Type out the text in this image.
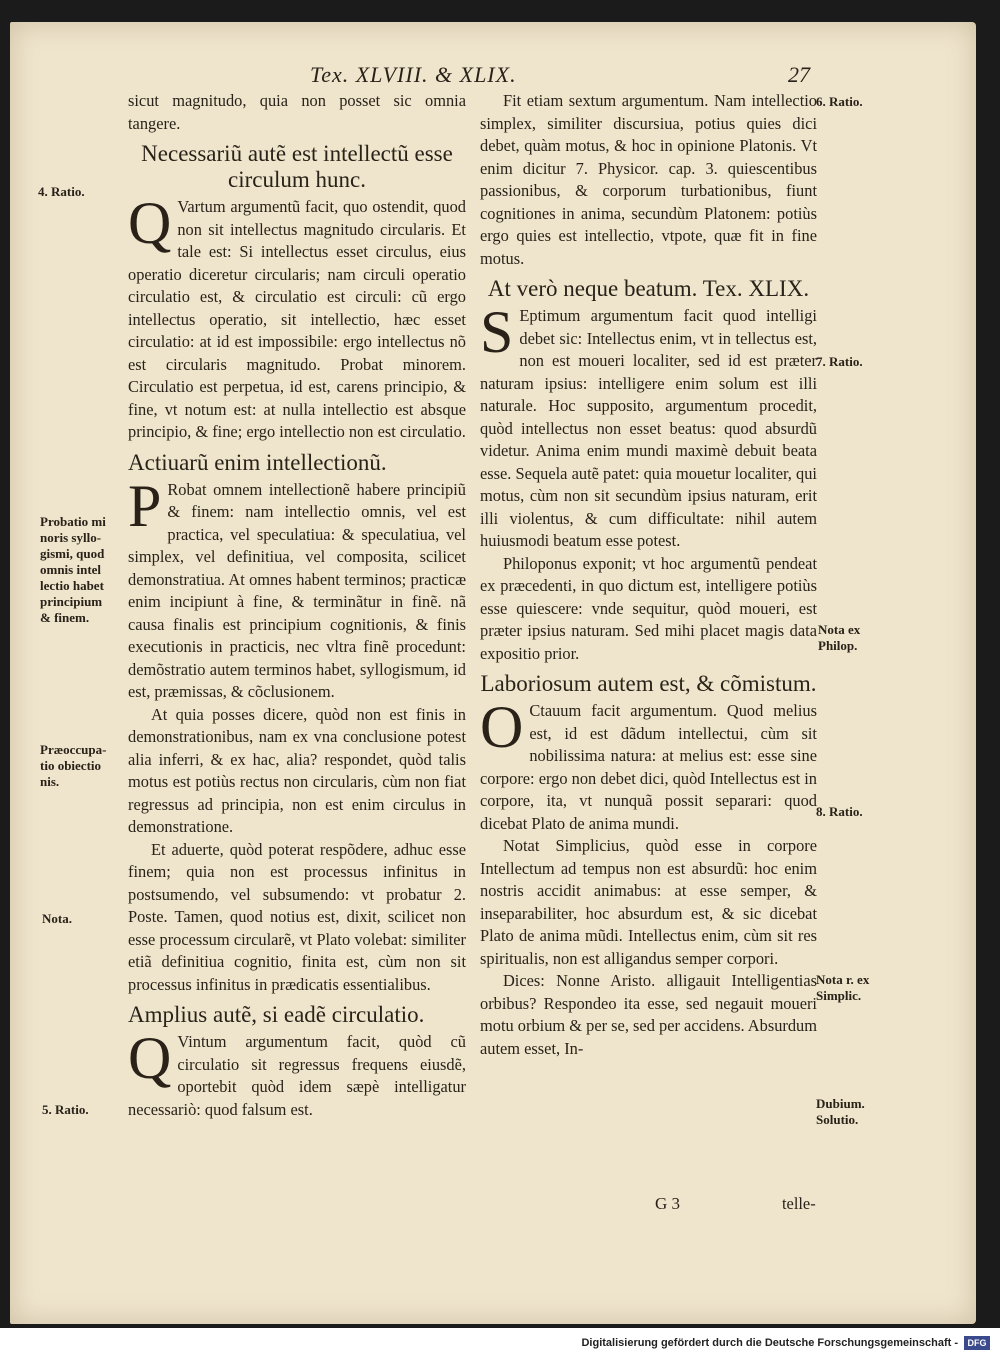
Tex. XLVIII. & XLIX.	27

sicut magnitudo, quia non posset sic omnia tangere.

Necessariũ autẽ est intellectũ esse circulum hunc.
Q Vartum argumentũ facit, quo ostendit, quod non sit intellectus magnitudo circularis. Et tale est: Si intellectus esset circulus, eius operatio diceretur circularis; nam circuli operatio circulatio est, & circulatio est circuli: cũ ergo intellectus operatio, sit intellectio, hæc esset circulatio: at id est impossibile: ergo intellectus nõ est circularis magnitudo. Probat minorem. Circulatio est perpetua, id est, carens principio, & fine, vt notum est: at nulla intellectio est absque principio, & fine; ergo intellectio non est circulatio.

Actiuarũ enim intellectionũ.
P Robat omnem intellectionẽ habere principiũ & finem: nam intellectio omnis, vel est practica, vel speculatiua: & speculatiua, vel simplex, vel definitiua, vel composita, scilicet demonstratiua. At omnes habent terminos; practicæ enim incipiunt à fine, & terminãtur in finẽ. nã causa finalis est principium cognitionis, & finis executionis in practicis, nec vltra finẽ procedunt: demõstratio autem terminos habet, syllogismum, id est, præmissas, & cõclusionem.

At quia posses dicere, quòd non est finis in demonstrationibus, nam ex vna conclusione potest alia inferri, & ex hac, alia? respondet, quòd talis motus est potiùs rectus non circularis, cùm non fiat regressus ad principia, non est enim circulus in demonstratione.

Et aduerte, quòd poterat respõdere, adhuc esse finem; quia non est processus infinitus in postsumendo, vel subsumendo: vt probatur 2. Poste. Tamen, quod notius est, dixit, scilicet non esse processum circularẽ, vt Plato volebat: similiter etiã definitiua cognitio, finita est, cùm non sit processus infinitus in prædicatis essentialibus.

Amplius autẽ, si eadẽ circulatio.
Q Vintum argumentum facit, quòd cũ circulatio sit regressus frequens eiusdẽ, oportebit quòd idem sæpè intelligatur necessariò: quod falsum est.

Fit etiam sextum argumentum. Nam intellectio simplex, similiter discursiua, potius quies dici debet, quàm motus, & hoc in opinione Platonis. Vt enim dicitur 7. Physicor. cap. 3. quiescentibus passionibus, & corporum turbationibus, fiunt cognitiones in anima, secundùm Platonem: potiùs ergo quies est intellectio, vtpote, quæ fit in fine motus.

At verò neque beatum. Tex. XLIX.
S Eptimum argumentum facit quod intelligi debet sic: Intellectus enim, vt in tellectus est, non est moueri localiter, sed id est præter naturam ipsius: intelligere enim solum est illi naturale. Hoc supposito, argumentum procedit, quòd intellectus non esset beatus: quod absurdũ videtur. Anima enim mundi maximè debuit beata esse. Sequela autẽ patet: quia mouetur localiter, qui motus, cùm non sit secundùm ipsius naturam, erit illi violentus, & cum difficultate: nihil autem huiusmodi beatum esse potest.

Philoponus exponit; vt hoc argumentũ pendeat ex præcedenti, in quo dictum est, intelligere potiùs esse quiescere: vnde sequitur, quòd moueri, est præter ipsius naturam. Sed mihi placet magis data expositio prior.

Laboriosum autem est, & cõmistum.
O Ctauum facit argumentum. Quod melius est, id est dãdum intellectui, cùm sit nobilissima natura: at melius est: esse sine corpore: ergo non debet dici, quòd Intellectus est in corpore, ita, vt nunquã possit separari: quod dicebat Plato de anima mundi.

Notat Simplicius, quòd esse in corpore Intellectum ad tempus non est absurdũ: hoc enim nostris accidit animabus: at esse semper, & inseparabiliter, hoc absurdum est, & sic dicebat Plato de anima mũdi. Intellectus enim, cùm sit res spiritualis, non est alligandus semper corpori.

Dices: Nonne Aristo. alligauit Intelligentias orbibus? Respondeo ita esse, sed negauit moueri motu orbium & per se, sed per accidens. Absurdum autem esset, In-

4. Ratio.
Probatio mi
noris syllo-
gismi, quod
omnis intel
lectio habet
principium
& finem.
Præoccupa-
tio obiectio
nis.
Nota.
5. Ratio.
6. Ratio.
7. Ratio.
Nota ex
Philop.
8. Ratio.
Nota r. ex
Simplic.
Dubium.
Solutio.
G 3	telle-
Digitalisierung gefördert durch die Deutsche Forschungsgemeinschaft -	DFG
